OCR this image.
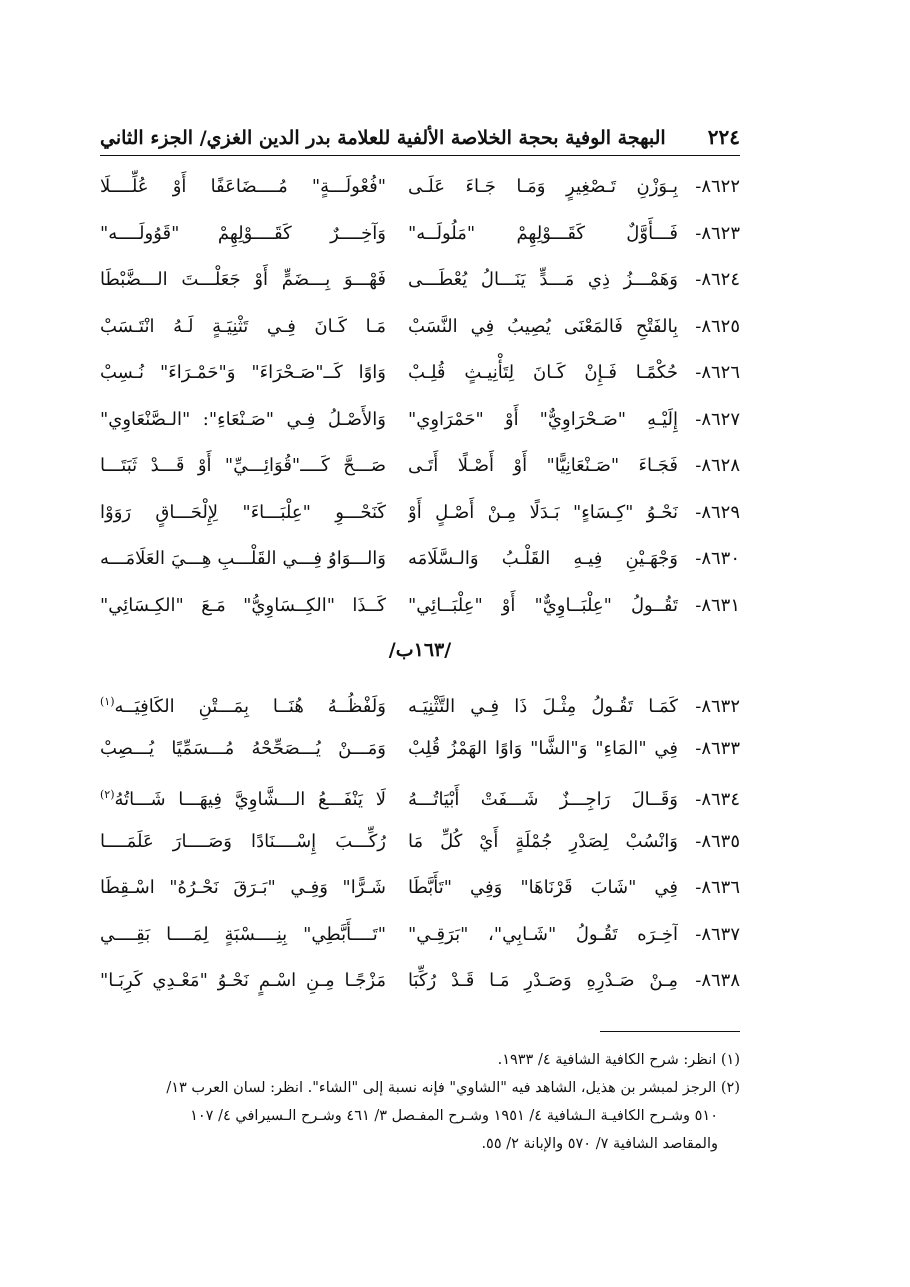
٢٢٤
البهجة الوفية بحجة الخلاصة الألفية للعلامة بدر الدين الغزي/ الجزء الثاني
٨٦٢٢-
بِـوَزْنِ تَـصْغِيرٍ وَمَـا جَـاءَ عَلَـى
"فُعْولَـــةٍ" مُــــضَاعَفًا أَوْ عُلِّــــلَا
٨٦٢٣-
فَـــأَوَّلٌ كَقَـــوْلِهِمْ "مَلُولَــه"
وَآخِــــرٌ كَقَــــوْلِهِمْ "قَوُولَــــه"
٨٦٢٤-
وَهَمْـــزُ ذِي مَـــدٍّ يَنَـــالُ يُعْطَـــى
فَهْـــوَ بِـــضَمٍّ أَوْ جَعَلْـــتَ الـــضَّبْطَا
٨٦٢٥-
بِالفَتْحِ فَالمَعْنَى يُصِيبُ فِي النَّسَبْ
مَـا كَـانَ فِـي تَثْنِيَـةٍ لَـهُ انْتَـسَبْ
٨٦٢٦-
حُكْمًـا فَـإِنْ كَـانَ لِتَأْنِيـثٍ قُلِـبْ
وَاوًا كَــ"صَـحْرَاءَ" وَ"حَمْـرَاءَ" نُـسِبْ
٨٦٢٧-
إِلَيْـهِ "صَـحْرَاوِيٌّ" أَوْ "حَمْرَاوِي"
وَالأَصْـلُ فِـي "صَـنْعَاءِ": "الـصَّنْعَاوِي"
٨٦٢٨-
فَجَـاءَ "صَـنْعَانِيًّا" أَوْ أَصْـلًا أَتَـى
صَـــحَّ كَــــ"قُوَائِـــيِّ" أَوْ قَـــدْ ثَبَتَـــا
٨٦٢٩-
نَحْـوُ "كِـسَاءٍ" بَـدَلًا مِـنْ أَصْـلٍ أَوْ
كَنَحْـــوِ "عِلْبَـــاءَ" لِإِلْحَـــاقٍ رَوَوْا
٨٦٣٠-
وَجْهَـيْنِ فِيـهِ القَلْـبُ وَالـسَّلَامَه
وَالـــوَاوُ فِـــي القَلْـــبِ هِـــيَ العَلَامَـــه
٨٦٣١-
تَقُــولُ "عِلْبَــاوِيٌّ" أَوْ "عِلْبَــائِي"
كَــذَا "الكِــسَاوِيُّ" مَـعَ "الكِـسَائِي"
/١٦٣ب/
٨٦٣٢-
كَمَـا تَقُـولُ مِثْـلَ ذَا فِـي التَّثْنِيَـه
وَلَفْظُــهُ هُنَــا بِمَـــتْنِ الكَافِيَــه$^{(١)}$
٨٦٣٣-
فِي "المَاءِ" وَ"الشَّا" وَاوًا الهَمْزُ قُلِبْ
وَمَـــنْ يُـــصَحِّحْهُ مُـــسَمِّيًا يُـــصِبْ
٨٦٣٤-
وَقَــالَ رَاجِـــزٌ شَـــفَتْ أَبْيَاتُـــهُ
لَا يَنْفَـــعُ الـــشَّاوِيَّ فِيهَـــا شَـــاتُهُ$^{(٢)}$
٨٦٣٥-
وَانْسُبْ لِصَدْرِ جُمْلَةٍ أَيْ كُلِّ مَا
رُكِّـــبَ إِسْــــنَادًا وَصَــــارَ عَلَمَــــا
٨٦٣٦-
فِي "شَابَ قَرْنَاهَا" وَفِي "تَأَبَّطَا
شَـرًّا" وَفِـي "بَـرَقَ نَحْـرُهُ" اسْـقِطَا
٨٦٣٧-
آخِـرَه تَقُـولُ "شَـابِي"، "بَرَقِـي"
"تَــــأَبَّطِي" بِنِــــسْبَةٍ لِمَــــا بَقِــــي
٨٦٣٨-
مِـنْ صَـدْرِهِ وَصَـدْرِ مَـا قَـدْ رُكِّبَا
مَزْجًـا مِـنِ اسْـمٍ نَحْـوُ "مَعْـدِي كَرِبَـا"

(١) انظر: شرح الكافية الشافية ٤/ ١٩٣٣.

(٢) الرجز لمبشر بن هذيل، الشاهد فيه "الشاوي" فإنه نسبة إلى "الشاء". انظر: لسان العرب ١٣/
٥١٠ وشـرح الكافيـة الـشافية ٤/ ١٩٥١ وشـرح المفـصل ٣/ ٤٦١ وشـرح الـسيرافي ٤/ ١٠٧
والمقاصد الشافية ٧/ ٥٧٠ والإبانة ٢/ ٥٥.
